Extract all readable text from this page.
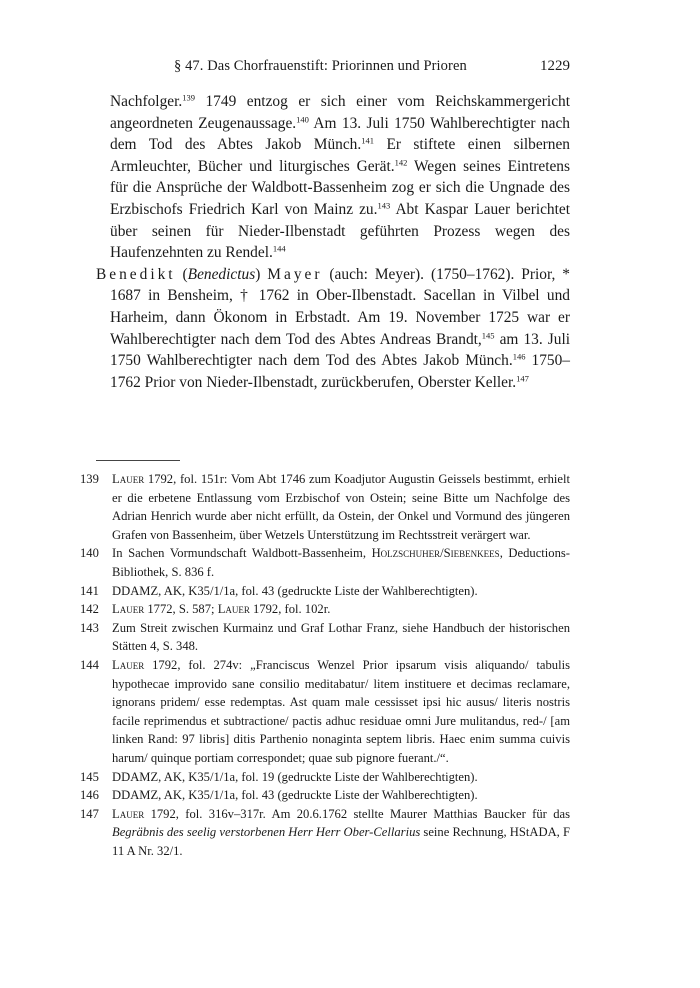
§ 47. Das Chorfrauenstift: Priorinnen und Prioren	1229

Nachfolger.$^{139}$ 1749 entzog er sich einer vom Reichskammergericht angeordneten Zeugenaussage.$^{140}$ Am 13. Juli 1750 Wahlberechtigter nach dem Tod des Abtes Jakob Münch.$^{141}$ Er stiftete einen silbernen Armleuchter, Bücher und liturgisches Gerät.$^{142}$ Wegen seines Eintretens für die Ansprüche der Waldbott-Bassenheim zog er sich die Ungnade des Erzbischofs Friedrich Karl von Mainz zu.$^{143}$ Abt Kaspar Lauer berichtet über seinen für Nieder-Ilbenstadt geführten Prozess wegen des Haufenzehnten zu Rendel.$^{144}$

Benedikt (Benedictus) Mayer (auch: Meyer). (1750–1762). Prior, * 1687 in Bensheim, † 1762 in Ober-Ilbenstadt. Sacellan in Vilbel und Harheim, dann Ökonom in Erbstadt. Am 19. November 1725 war er Wahlberechtigter nach dem Tod des Abtes Andreas Brandt,$^{145}$ am 13. Juli 1750 Wahlberechtigter nach dem Tod des Abtes Jakob Münch.$^{146}$ 1750–1762 Prior von Nieder-Ilbenstadt, zurückberufen, Oberster Keller.$^{147}$

139 Lauer 1792, fol. 151r: Vom Abt 1746 zum Koadjutor Augustin Geissels bestimmt, erhielt er die erbetene Entlassung vom Erzbischof von Ostein; seine Bitte um Nachfolge des Adrian Henrich wurde aber nicht erfüllt, da Ostein, der Onkel und Vormund des jüngeren Grafen von Bassenheim, über Wetzels Unterstützung im Rechtsstreit verärgert war.

140 In Sachen Vormundschaft Waldbott-Bassenheim, Holzschuher/Siebenkees, Deductions-Bibliothek, S. 836 f.

141 DDAMZ, AK, K35/1/1a, fol. 43 (gedruckte Liste der Wahlberechtigten).

142 Lauer 1772, S. 587; Lauer 1792, fol. 102r.

143 Zum Streit zwischen Kurmainz und Graf Lothar Franz, siehe Handbuch der historischen Stätten 4, S. 348.

144 Lauer 1792, fol. 274v: „Franciscus Wenzel Prior ipsarum visis aliquando/ tabulis hypothecae improvido sane consilio meditabatur/ litem instituere et decimas reclamare, ignorans pridem/ esse redemptas. Ast quam male cessisset ipsi hic ausus/ literis nostris facile reprimendus et subtractione/ pactis adhuc residuae omni Jure mulitandus, red-/ [am linken Rand: 97 libris] ditis Parthenio nonaginta septem libris. Haec enim summa cuivis harum/ quinque portiam correspondet; quae sub pignore fuerant./“.

145 DDAMZ, AK, K35/1/1a, fol. 19 (gedruckte Liste der Wahlberechtigten).

146 DDAMZ, AK, K35/1/1a, fol. 43 (gedruckte Liste der Wahlberechtigten).

147 Lauer 1792, fol. 316v–317r. Am 20.6.1762 stellte Maurer Matthias Baucker für das Begräbnis des seelig verstorbenen Herr Herr Ober-Cellarius seine Rechnung, HStADA, F 11 A Nr. 32/1.
